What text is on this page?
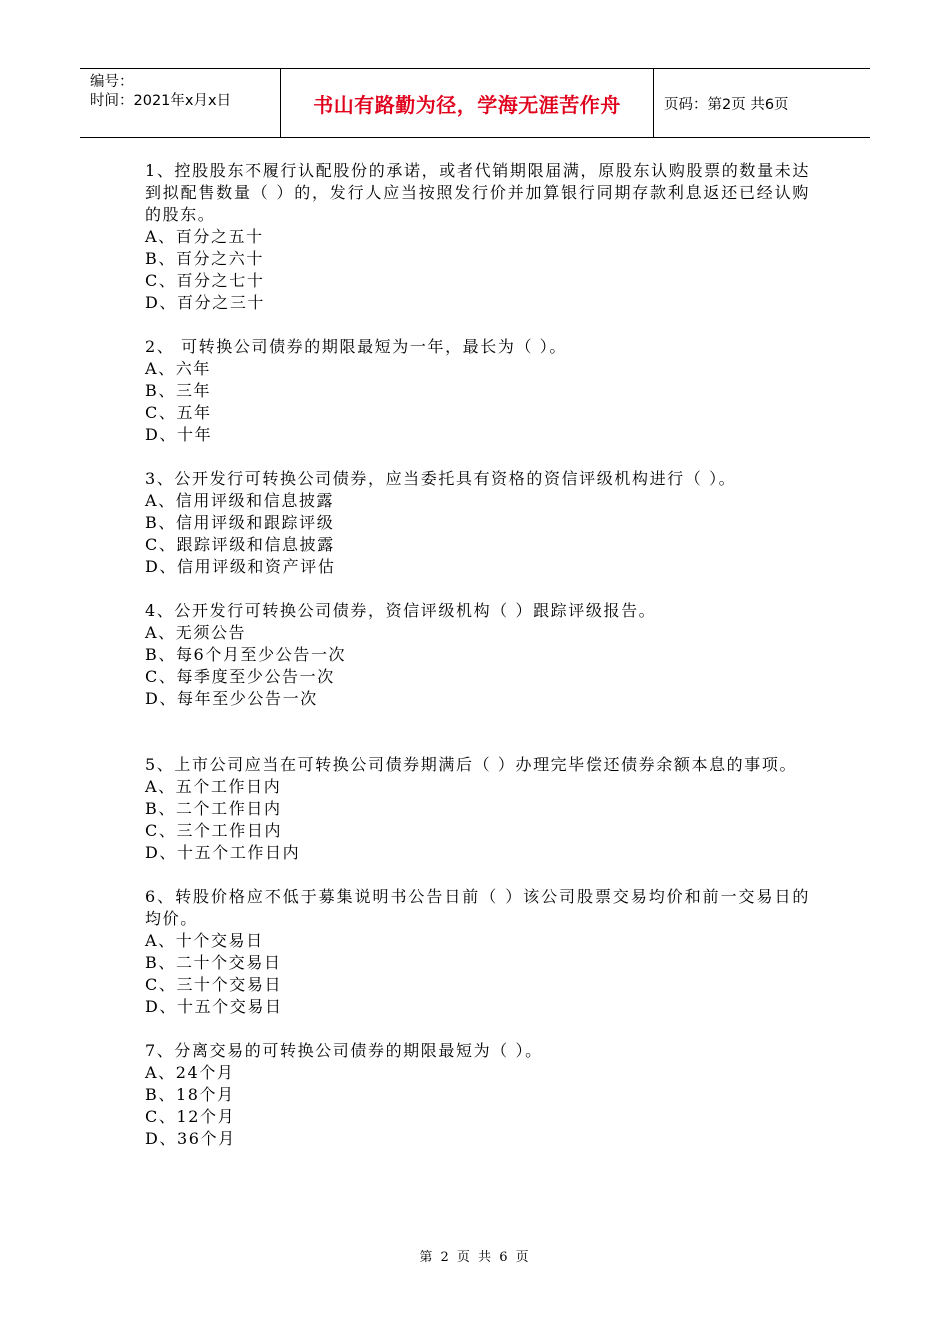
编号：
时间：2021年x月x日	书山有路勤为径，学海无涯苦作舟	页码：第2页 共6页
1、控股股东不履行认配股份的承诺，或者代销期限届满，原股东认购股票的数量未达到拟配售数量（ ）的，发行人应当按照发行价并加算银行同期存款利息返还已经认购的股东。
A、百分之五十
B、百分之六十
C、百分之七十
D、百分之三十
2、 可转换公司债券的期限最短为一年，最长为（ ）。
A、六年
B、三年
C、五年
D、十年
3、公开发行可转换公司债券，应当委托具有资格的资信评级机构进行（ ）。
A、信用评级和信息披露
B、信用评级和跟踪评级
C、跟踪评级和信息披露
D、信用评级和资产评估
4、公开发行可转换公司债券，资信评级机构（ ）跟踪评级报告。
A、无须公告
B、每6个月至少公告一次
C、每季度至少公告一次
D、每年至少公告一次
5、上市公司应当在可转换公司债券期满后（ ）办理完毕偿还债券余额本息的事项。
A、五个工作日内
B、二个工作日内
C、三个工作日内
D、十五个工作日内
6、转股价格应不低于募集说明书公告日前（ ）该公司股票交易均价和前一交易日的均价。
A、十个交易日
B、二十个交易日
C、三十个交易日
D、十五个交易日
7、分离交易的可转换公司债券的期限最短为（ ）。
A、24个月
B、18个月
C、12个月
D、36个月
第 2 页 共 6 页
